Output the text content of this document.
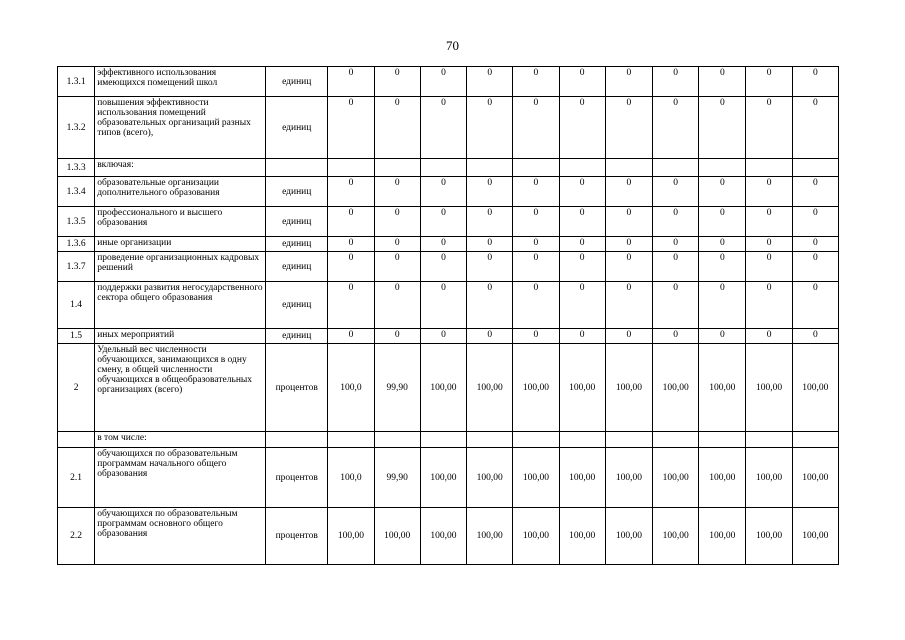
70
1.3.1	эффективного использования имеющихся помещений школ	единиц	0	0	0	0	0	0	0	0	0	0	0
1.3.2	повышения эффективности использования помещений образовательных организаций разных типов (всего),	единиц	0	0	0	0	0	0	0	0	0	0	0
1.3.3	включая:												
1.3.4	образовательные организации дополнительного образования	единиц	0	0	0	0	0	0	0	0	0	0	0
1.3.5	профессионального и высшего образования	единиц	0	0	0	0	0	0	0	0	0	0	0
1.3.6	иные организации	единиц	0	0	0	0	0	0	0	0	0	0	0
1.3.7	проведение организационных кадровых решений	единиц	0	0	0	0	0	0	0	0	0	0	0
1.4	поддержки развития негосударственного сектора общего образования	единиц	0	0	0	0	0	0	0	0	0	0	0
1.5	иных мероприятий	единиц	0	0	0	0	0	0	0	0	0	0	0
2	Удельный вес численности обучающихся, занимающихся в одну смену, в общей численности обучающихся в общеобразовательных организациях (всего)	процентов	100,0	99,90	100,00	100,00	100,00	100,00	100,00	100,00	100,00	100,00	100,00
	в том числе:												
2.1	обучающихся по образовательным программам начального общего образования	процентов	100,0	99,90	100,00	100,00	100,00	100,00	100,00	100,00	100,00	100,00	100,00
2.2	обучающихся по образовательным программам основного общего образования	процентов	100,00	100,00	100,00	100,00	100,00	100,00	100,00	100,00	100,00	100,00	100,00
